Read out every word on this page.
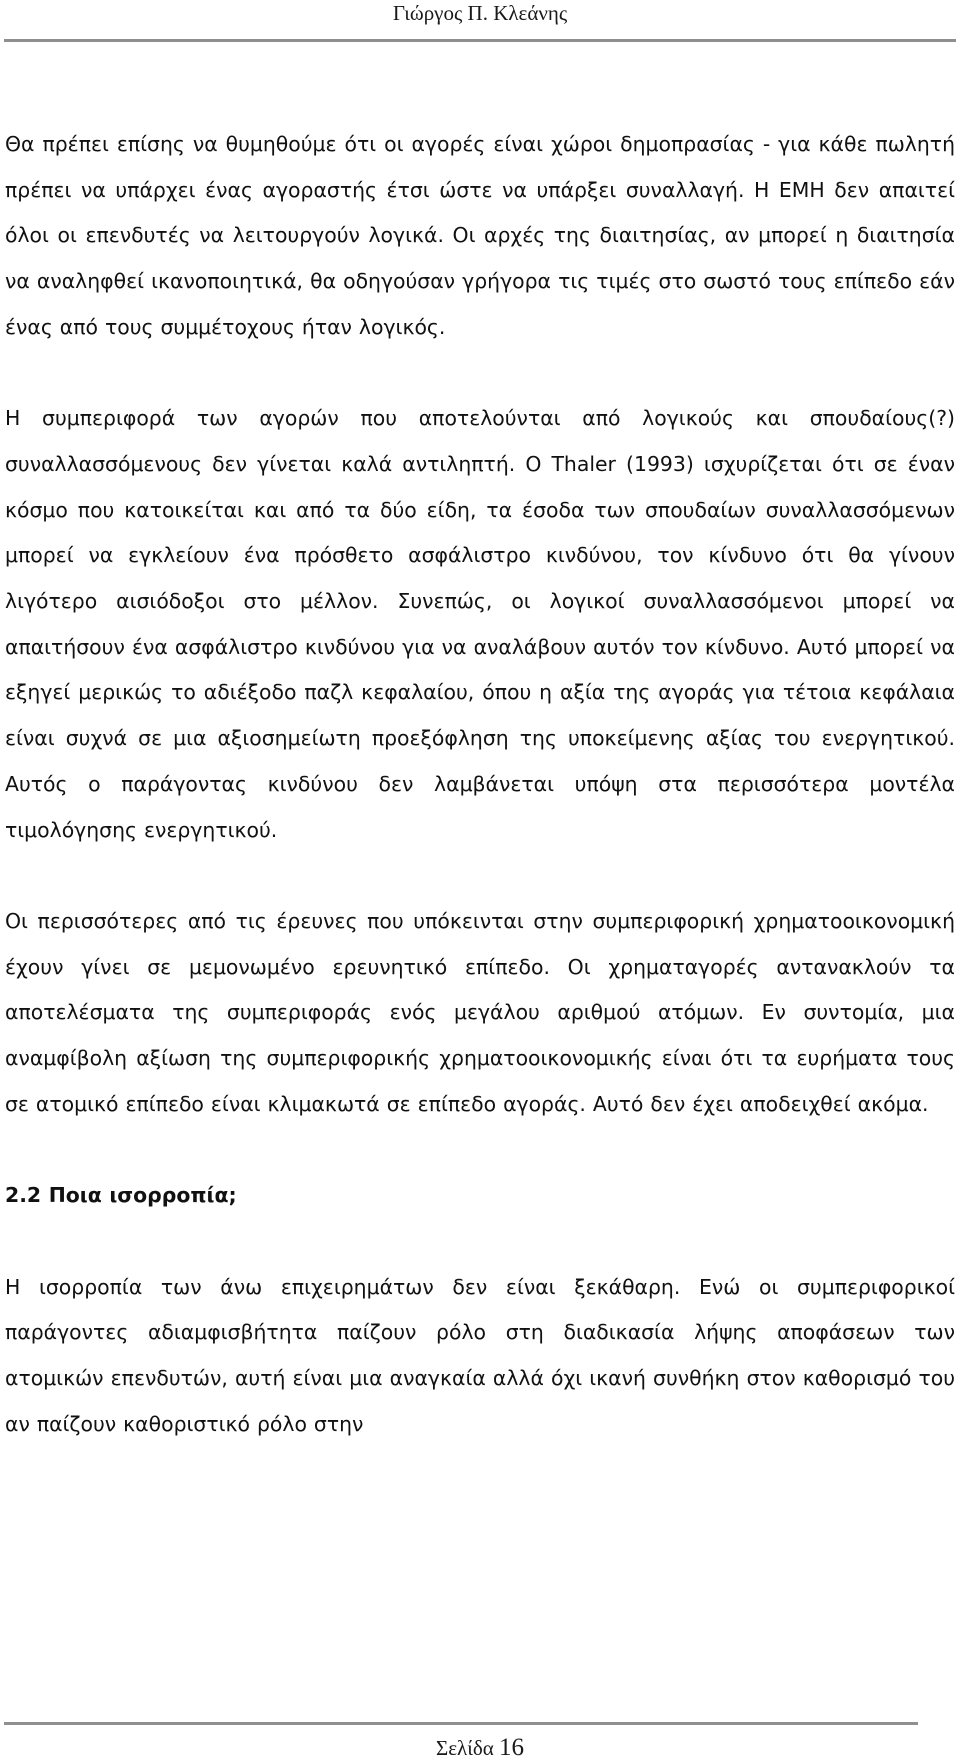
Γιώργος Π. Κλεάνης

Θα πρέπει επίσης να θυμηθούμε ότι οι αγορές είναι χώροι δημοπρασίας - για κάθε πωλητή πρέπει να υπάρχει ένας αγοραστής έτσι ώστε να υπάρξει συναλλαγή. Η ΕΜΗ δεν απαιτεί όλοι οι επενδυτές να λειτουργούν λογικά. Οι αρχές της διαιτησίας, αν μπορεί η διαιτησία να αναληφθεί ικανοποιητικά, θα οδηγούσαν γρήγορα τις τιμές στο σωστό τους επίπεδο εάν ένας από τους συμμέτοχους ήταν λογικός.

Η συμπεριφορά των αγορών που αποτελούνται από λογικούς και σπουδαίους(?) συναλλασσόμενους δεν γίνεται καλά αντιληπτή. Ο Thaler (1993) ισχυρίζεται ότι σε έναν κόσμο που κατοικείται και από τα δύο είδη, τα έσοδα των σπουδαίων συναλλασσόμενων μπορεί να εγκλείουν ένα πρόσθετο ασφάλιστρο κινδύνου, τον κίνδυνο ότι θα γίνουν λιγότερο αισιόδοξοι στο μέλλον. Συνεπώς, οι λογικοί συναλλασσόμενοι μπορεί να απαιτήσουν ένα ασφάλιστρο κινδύνου για να αναλάβουν αυτόν τον κίνδυνο. Αυτό μπορεί να εξηγεί μερικώς το αδιέξοδο παζλ κεφαλαίου, όπου η αξία της αγοράς για τέτοια κεφάλαια είναι συχνά σε μια αξιοσημείωτη προεξόφληση της υποκείμενης αξίας του ενεργητικού. Αυτός ο παράγοντας κινδύνου δεν λαμβάνεται υπόψη στα περισσότερα μοντέλα τιμολόγησης ενεργητικού.

Οι περισσότερες από τις έρευνες που υπόκεινται στην συμπεριφορική χρηματοοικονομική έχουν γίνει σε μεμονωμένο ερευνητικό επίπεδο. Οι χρηματαγορές αντανακλούν τα αποτελέσματα της συμπεριφοράς ενός μεγάλου αριθμού ατόμων. Εν συντομία, μια αναμφίβολη αξίωση της συμπεριφορικής χρηματοοικονομικής είναι ότι τα ευρήματα τους σε ατομικό επίπεδο είναι κλιμακωτά σε επίπεδο αγοράς. Αυτό δεν έχει αποδειχθεί ακόμα.

2.2 Ποια ισορροπία;

Η ισορροπία των άνω επιχειρημάτων δεν είναι ξεκάθαρη. Ενώ οι συμπεριφορικοί παράγοντες αδιαμφισβήτητα παίζουν ρόλο στη διαδικασία λήψης αποφάσεων των ατομικών επενδυτών, αυτή είναι μια αναγκαία αλλά όχι ικανή συνθήκη στον καθορισμό του αν παίζουν καθοριστικό ρόλο στην

Σελίδα 16
